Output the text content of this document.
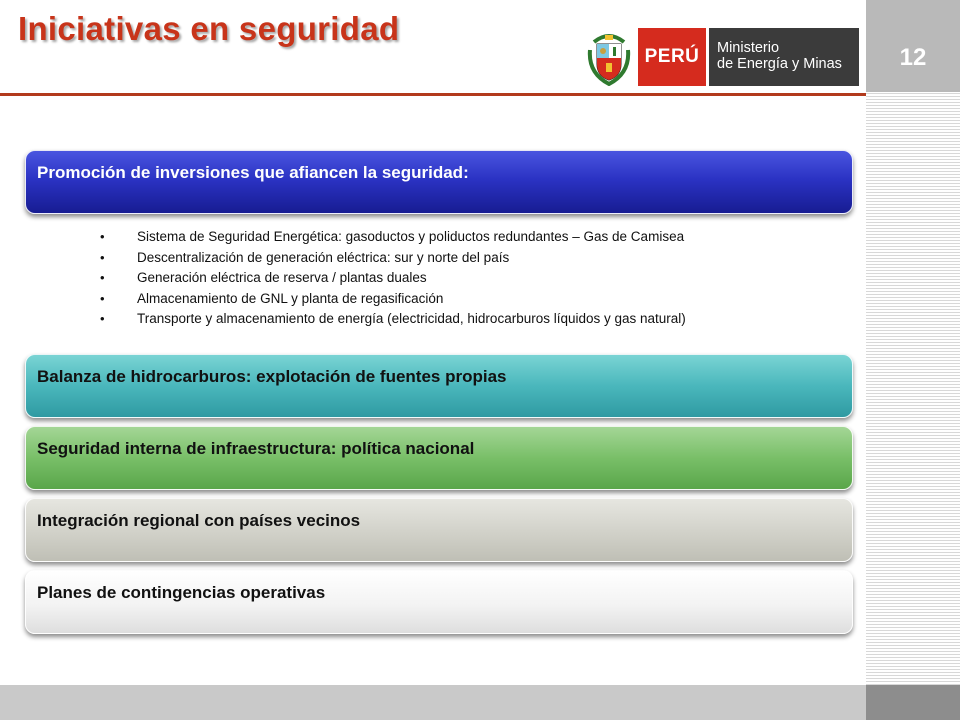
12
Iniciativas en seguridad
PERÚ	Ministerio
de Energía y Minas
Promoción de inversiones que afiancen la seguridad:
• Sistema de Seguridad Energética: gasoductos y poliductos redundantes – Gas de Camisea
• Descentralización de generación eléctrica: sur y norte del país
• Generación eléctrica de reserva / plantas duales
• Almacenamiento de GNL y planta de regasificación
• Transporte y almacenamiento de energía (electricidad, hidrocarburos líquidos y gas natural)
Balanza de hidrocarburos: explotación de fuentes propias
Seguridad interna de infraestructura: política nacional
Integración regional con países vecinos
Planes de contingencias operativas
